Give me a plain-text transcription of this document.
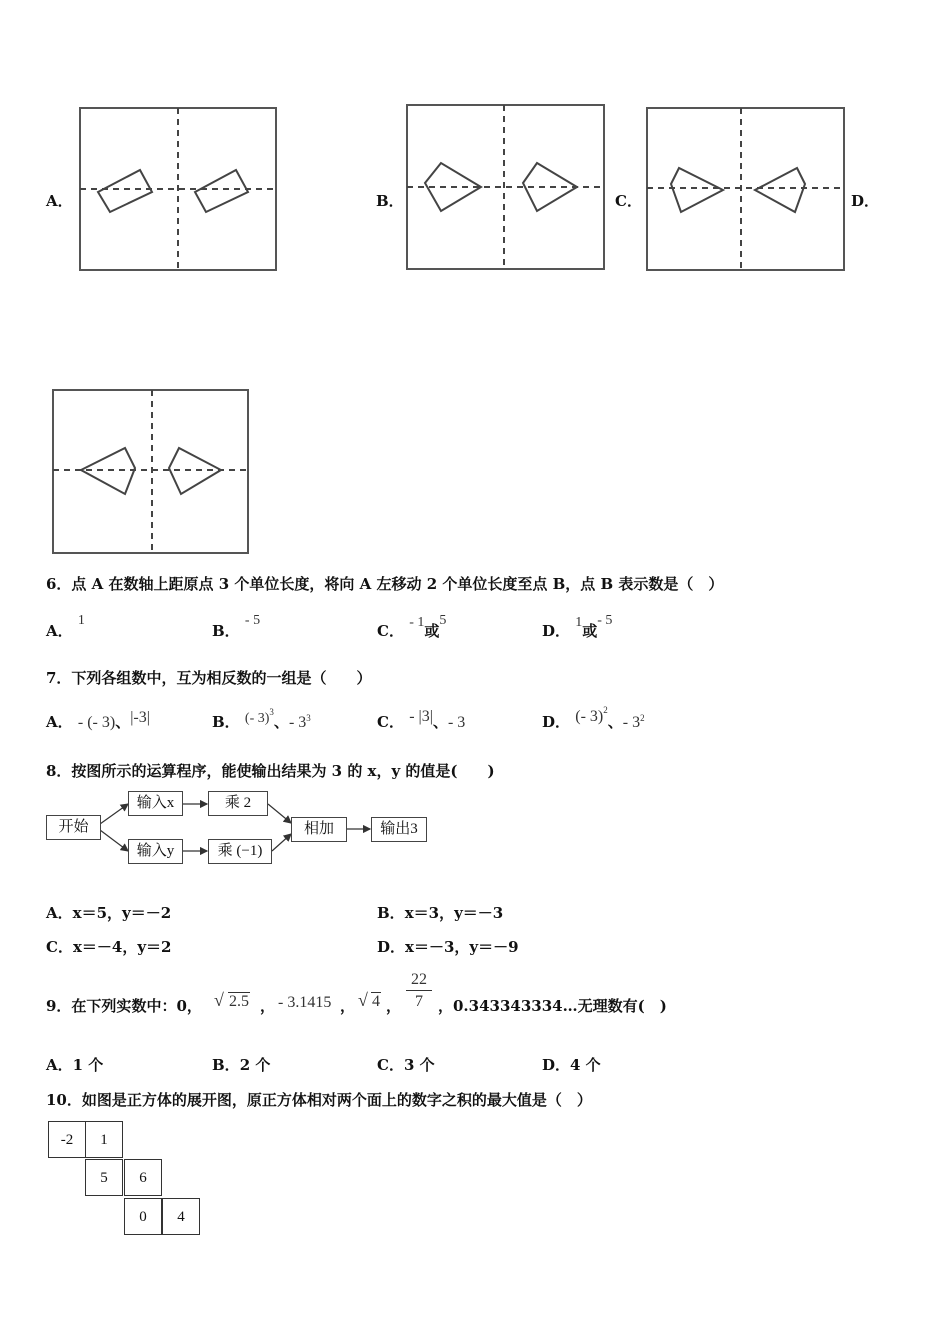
A．	B．	C．	D．
6．点 A 在数轴上距原点 3 个单位长度，将向 A 左移动 2 个单位长度至点 B，点 B 表示数是（　）
A． 1
B． - 5
C． - 1或5
D． 1或- 5
7．下列各组数中，互为相反数的一组是（　　）
A． - (- 3)、|-3|	B． (- 3)$^3$、- $3^3$	C． - |3|、- 3	D． (- 3)$^2$、- $3^2$
8．按图所示的运算程序，能使输出结果为 3 的 x，y 的值是(　　)
开始
输入x
输入y
乘 2
乘 (−1)
相加	输出3
A．x＝5，y＝－2	B．x＝3，y＝－3
C．x＝－4，y＝2	D．x＝－3，y＝－9
9．在下列实数中：0， √ 2.5 ， - 3.1415 ， √ 4 ， $\frac{22}{7}$ ，0.343343334…无理数有(　)
A．1 个	B．2 个	C．3 个	D．4 个
10．如图是正方体的展开图，原正方体相对两个面上的数字之积的最大值是（　）
-2	1
5	6
0	4
